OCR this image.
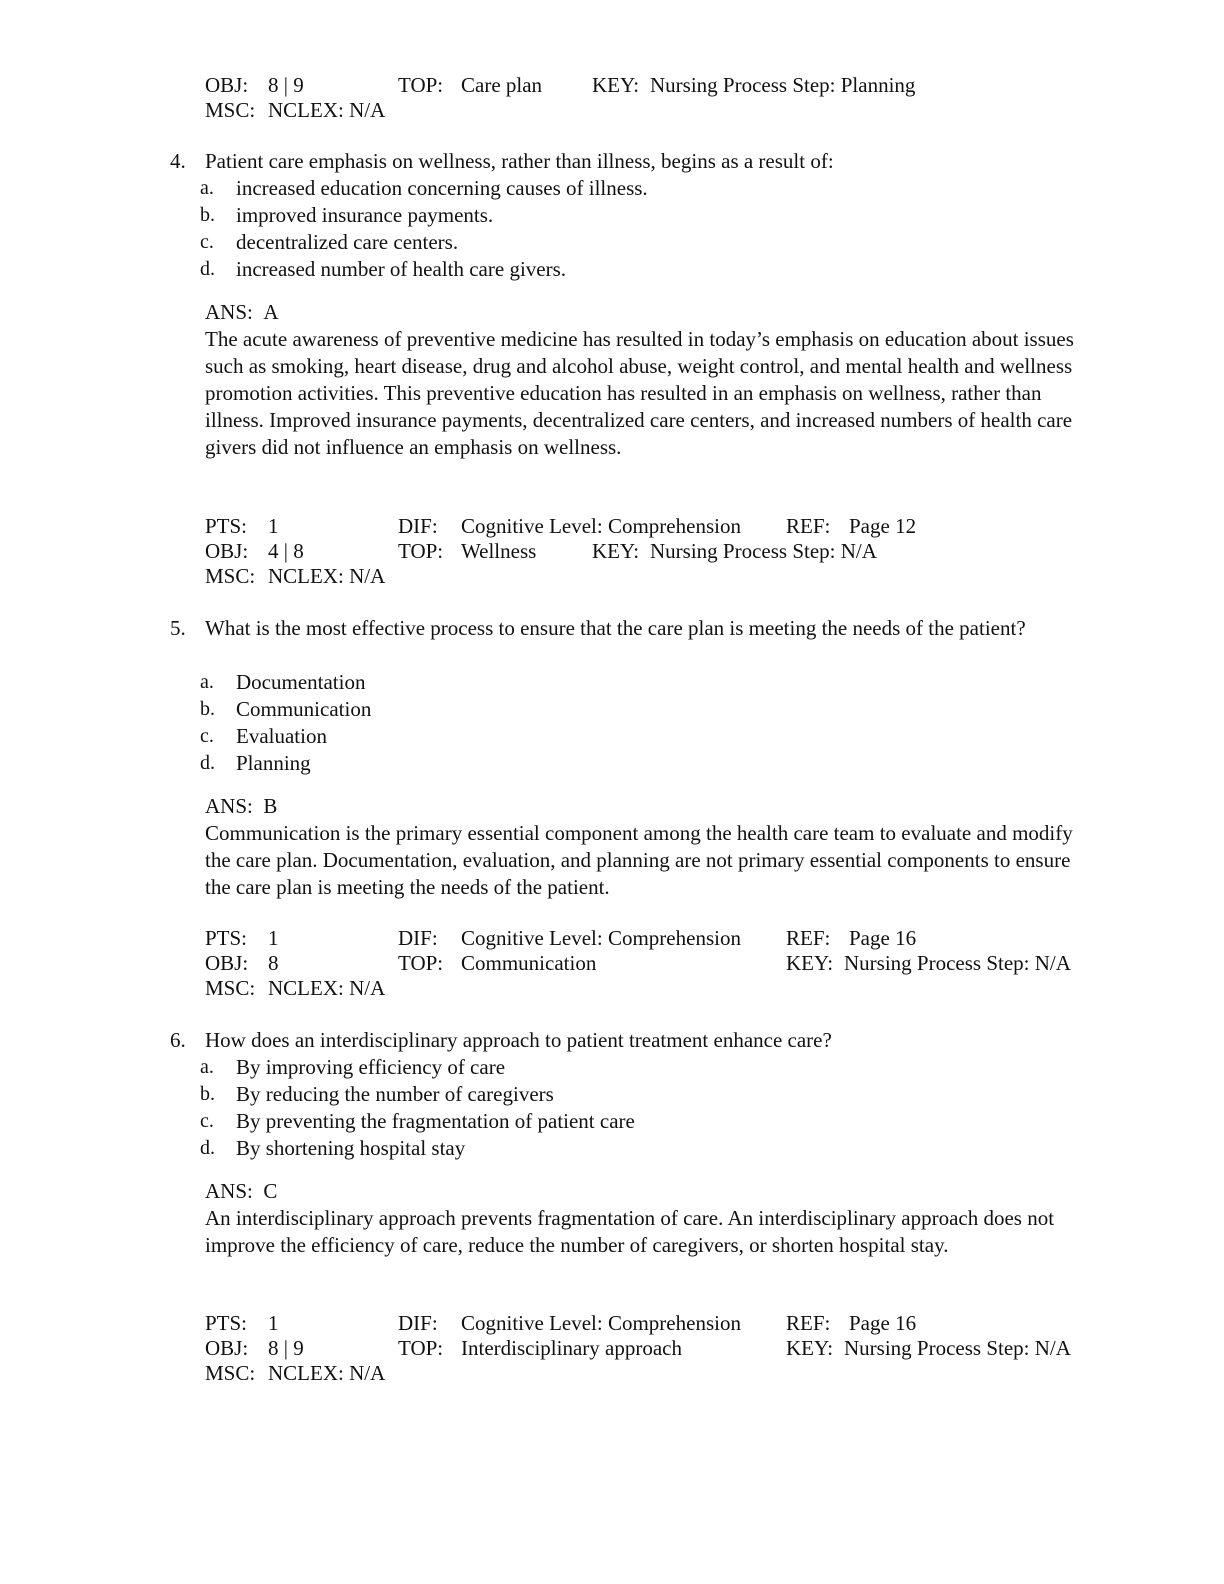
OBJ: 8 | 9	TOP: Care plan KEY: Nursing Process Step: Planning
MSC: NCLEX: N/A
4. Patient care emphasis on wellness, rather than illness, begins as a result of:
a. increased education concerning causes of illness.
b. improved insurance payments.
c. decentralized care centers.
d. increased number of health care givers.
ANS: A

The acute awareness of preventive medicine has resulted in today’s emphasis on education about issues such as smoking, heart disease, drug and alcohol abuse, weight control, and mental health and wellness promotion activities. This preventive education has resulted in an emphasis on wellness, rather than illness. Improved insurance payments, decentralized care centers, and increased numbers of health care givers did not influence an emphasis on wellness.

PTS: 1	DIF: Cognitive Level: Comprehension REF: Page 12
OBJ: 4 | 8	TOP: Wellness	KEY: Nursing Process Step: N/A
MSC: NCLEX: N/A
5. What is the most effective process to ensure that the care plan is meeting the needs of the patient?
a. Documentation
b. Communication
c. Evaluation
d. Planning
ANS: B

Communication is the primary essential component among the health care team to evaluate and modify the care plan. Documentation, evaluation, and planning are not primary essential components to ensure the care plan is meeting the needs of the patient.

PTS: 1	DIF: Cognitive Level: Comprehension REF: Page 16
OBJ: 8	TOP: Communication	KEY: Nursing Process Step: N/A
MSC: NCLEX: N/A
6. How does an interdisciplinary approach to patient treatment enhance care?
a. By improving efficiency of care
b. By reducing the number of caregivers
c. By preventing the fragmentation of patient care
d. By shortening hospital stay
ANS: C

An interdisciplinary approach prevents fragmentation of care. An interdisciplinary approach does not improve the efficiency of care, reduce the number of caregivers, or shorten hospital stay.

PTS: 1	DIF: Cognitive Level: Comprehension REF: Page 16
OBJ: 8 | 9	TOP: Interdisciplinary approach	KEY: Nursing Process Step: N/A
MSC: NCLEX: N/A
